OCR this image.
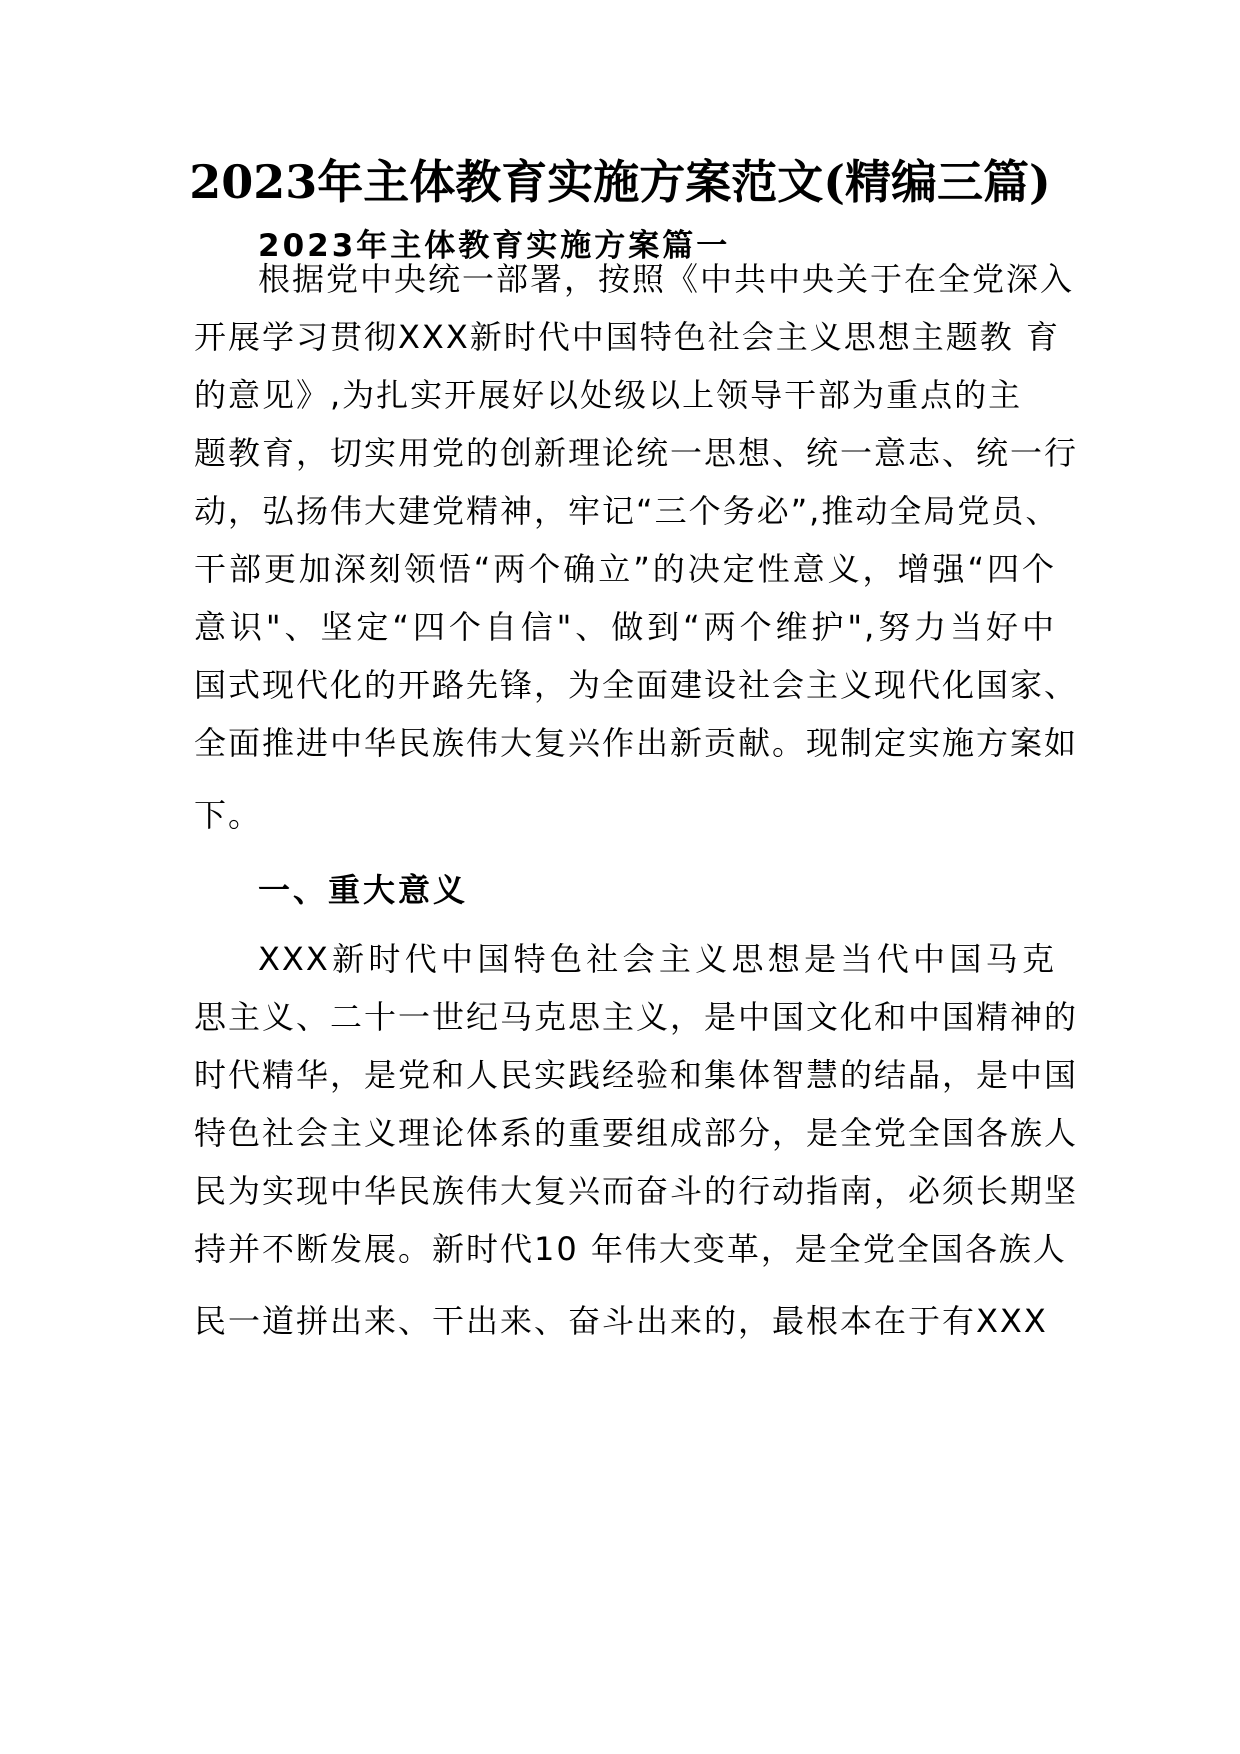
2023年主体教育实施方案范文(精编三篇)
2023年主体教育实施方案篇一
根据党中央统一部署，按照《中共中央关于在全党深入
开展学习贯彻XXX新时代中国特色社会主义思想主题教 育
的意见》,为扎实开展好以处级以上领导干部为重点的主
题教育，切实用党的创新理论统一思想、统一意志、统一行
动，弘扬伟大建党精神，牢记“三个务必”,推动全局党员、
干部更加深刻领悟“两个确立”的决定性意义，增强“四个
意识"、坚定“四个自信"、做到“两个维护",努力当好中
国式现代化的开路先锋，为全面建设社会主义现代化国家、
全面推进中华民族伟大复兴作出新贡献。现制定实施方案如
下。
一、重大意义
XXX新时代中国特色社会主义思想是当代中国马克
思主义、二十一世纪马克思主义，是中国文化和中国精神的
时代精华，是党和人民实践经验和集体智慧的结晶，是中国
特色社会主义理论体系的重要组成部分，是全党全国各族人
民为实现中华民族伟大复兴而奋斗的行动指南，必须长期坚
持并不断发展。新时代10 年伟大变革，是全党全国各族人
民一道拼出来、干出来、奋斗出来的，最根本在于有XXX
